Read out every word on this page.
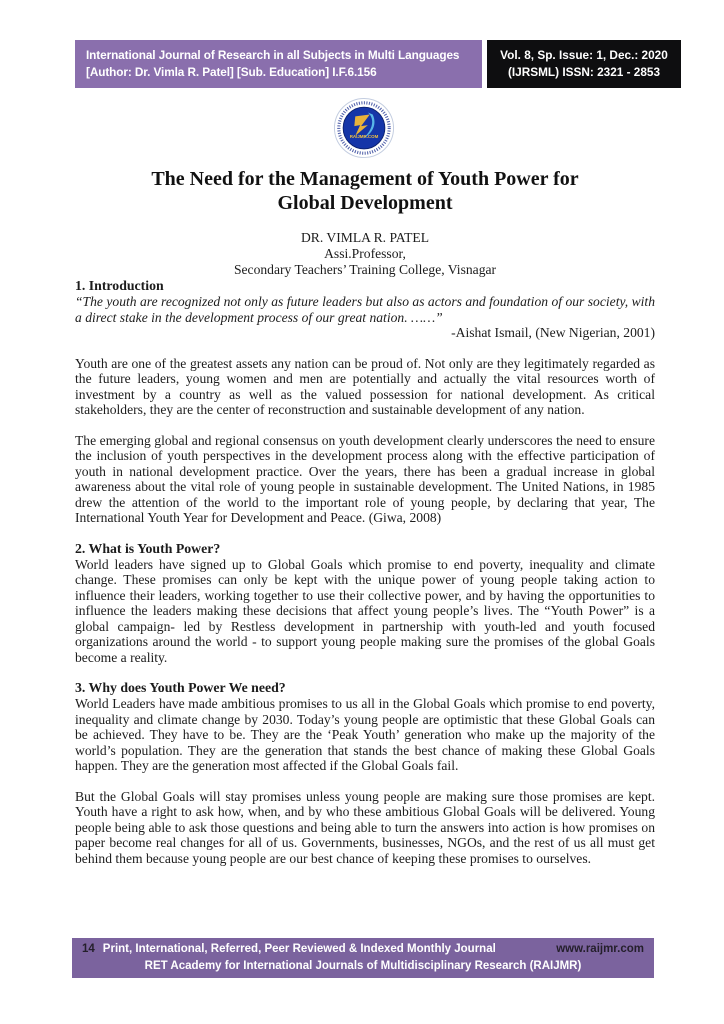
International Journal of Research in all Subjects in Multi Languages
[Author: Dr. Vimla R. Patel] [Sub. Education] I.F.6.156
Vol. 8, Sp. Issue: 1, Dec.: 2020
(IJRSML) ISSN: 2321 - 2853
RAIJMR.COM
The Need for the Management of Youth Power for
Global Development
DR. VIMLA R. PATEL
Assi.Professor,
Secondary Teachers’ Training College, Visnagar
1. Introduction
“The youth are recognized not only as future leaders but also as actors and foundation of our society, with a direct stake in the development process of our great nation. ……”
-Aishat Ismail, (New Nigerian, 2001)
Youth are one of the greatest assets any nation can be proud of. Not only are they legitimately regarded as the future leaders, young women and men are potentially and actually the vital resources worth of investment by a country as well as the valued possession for national development. As critical stakeholders, they are the center of reconstruction and sustainable development of any nation.
The emerging global and regional consensus on youth development clearly underscores the need to ensure the inclusion of youth perspectives in the development process along with the effective participation of youth in national development practice. Over the years, there has been a gradual increase in global awareness about the vital role of young people in sustainable development. The United Nations, in 1985 drew the attention of the world to the important role of young people, by declaring that year, The International Youth Year for Development and Peace. (Giwa, 2008)
2. What is Youth Power?
World leaders have signed up to Global Goals which promise to end poverty, inequality and climate change. These promises can only be kept with the unique power of young people taking action to influence their leaders, working together to use their collective power, and by having the opportunities to influence the leaders making these decisions that affect young people’s lives. The “Youth Power” is a global campaign- led by Restless development in partnership with youth-led and youth focused organizations around the world - to support young people making sure the promises of the global Goals become a reality.
3. Why does Youth Power We need?
World Leaders have made ambitious promises to us all in the Global Goals which promise to end poverty, inequality and climate change by 2030. Today’s young people are optimistic that these Global Goals can be achieved. They have to be. They are the ‘Peak Youth’ generation who make up the majority of the world’s population. They are the generation that stands the best chance of making these Global Goals happen. They are the generation most affected if the Global Goals fail.
But the Global Goals will stay promises unless young people are making sure those promises are kept. Youth have a right to ask how, when, and by who these ambitious Global Goals will be delivered. Young people being able to ask those questions and being able to turn the answers into action is how promises on paper become real changes for all of us. Governments, businesses, NGOs, and the rest of us all must get behind them because young people are our best chance of keeping these promises to ourselves.
14 Print, International, Referred, Peer Reviewed & Indexed Monthly Journal	www.raijmr.com
RET Academy for International Journals of Multidisciplinary Research (RAIJMR)
